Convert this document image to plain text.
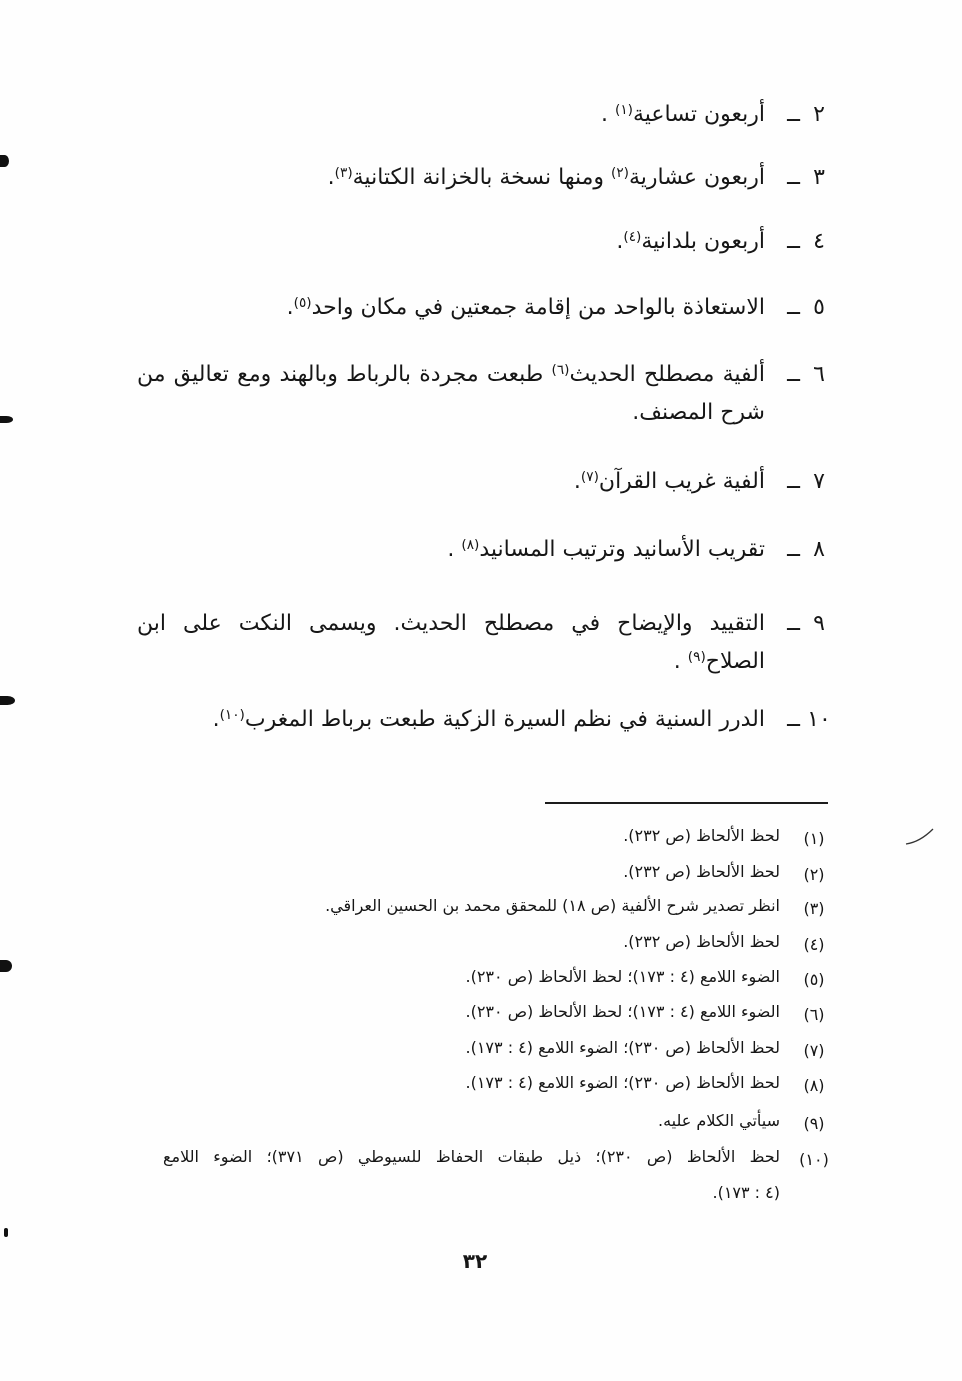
٢
ــ
أربعون تساعية$^{(١)}$ .
٣
ــ
أربعون عشارية$^{(٢)}$ ومنها نسخة بالخزانة الكتانية$^{(٣)}$.
٤
ــ
أربعون بلدانية$^{(٤)}$.
٥
ــ
الاستعاذة بالواحد من إقامة جمعتين في مكان واحد$^{(٥)}$.
٦
ــ
ألفية مصطلح الحديث$^{(٦)}$ طبعت مجردة بالرباط وبالهند ومع تعاليق من
شرح المصنف.
٧
ــ
ألفية غريب القرآن$^{(٧)}$.
٨
ــ
تقريب الأسانيد وترتيب المسانيد$^{(٨)}$ .
٩
ــ
التقييد والإيضاح في مصطلح الحديث. ويسمى النكت على ابن
الصلاح$^{(٩)}$ .
١٠
ــ
الدرر السنية في نظم السيرة الزكية طبعت برباط المغرب$^{(١٠)}$.
(١)
لحظ الألحاظ (ص ٢٣٢).
(٢)
لحظ الألحاظ (ص ٢٣٢).
(٣)
انظر تصدير شرح الألفية (ص ١٨) للمحقق محمد بن الحسين العراقي.
(٤)
لحظ الألحاظ (ص ٢٣٢).
(٥)
الضوء اللامع (٤ : ١٧٣)؛ لحظ الألحاظ (ص ٢٣٠).
(٦)
الضوء اللامع (٤ : ١٧٣)؛ لحظ الألحاظ (ص ٢٣٠).
(٧)
لحظ الألحاظ (ص ٢٣٠)؛ الضوء اللامع (٤ : ١٧٣).
(٨)
لحظ الألحاظ (ص ٢٣٠)؛ الضوء اللامع (٤ : ١٧٣).
(٩)
سيأتي الكلام عليه.
(١٠)
لحظ الألحاظ (ص ٢٣٠)؛ ذيل طبقات الحفاظ للسيوطي (ص ٣٧١)؛ الضوء اللامع
(٤ : ١٧٣).
٣٢
